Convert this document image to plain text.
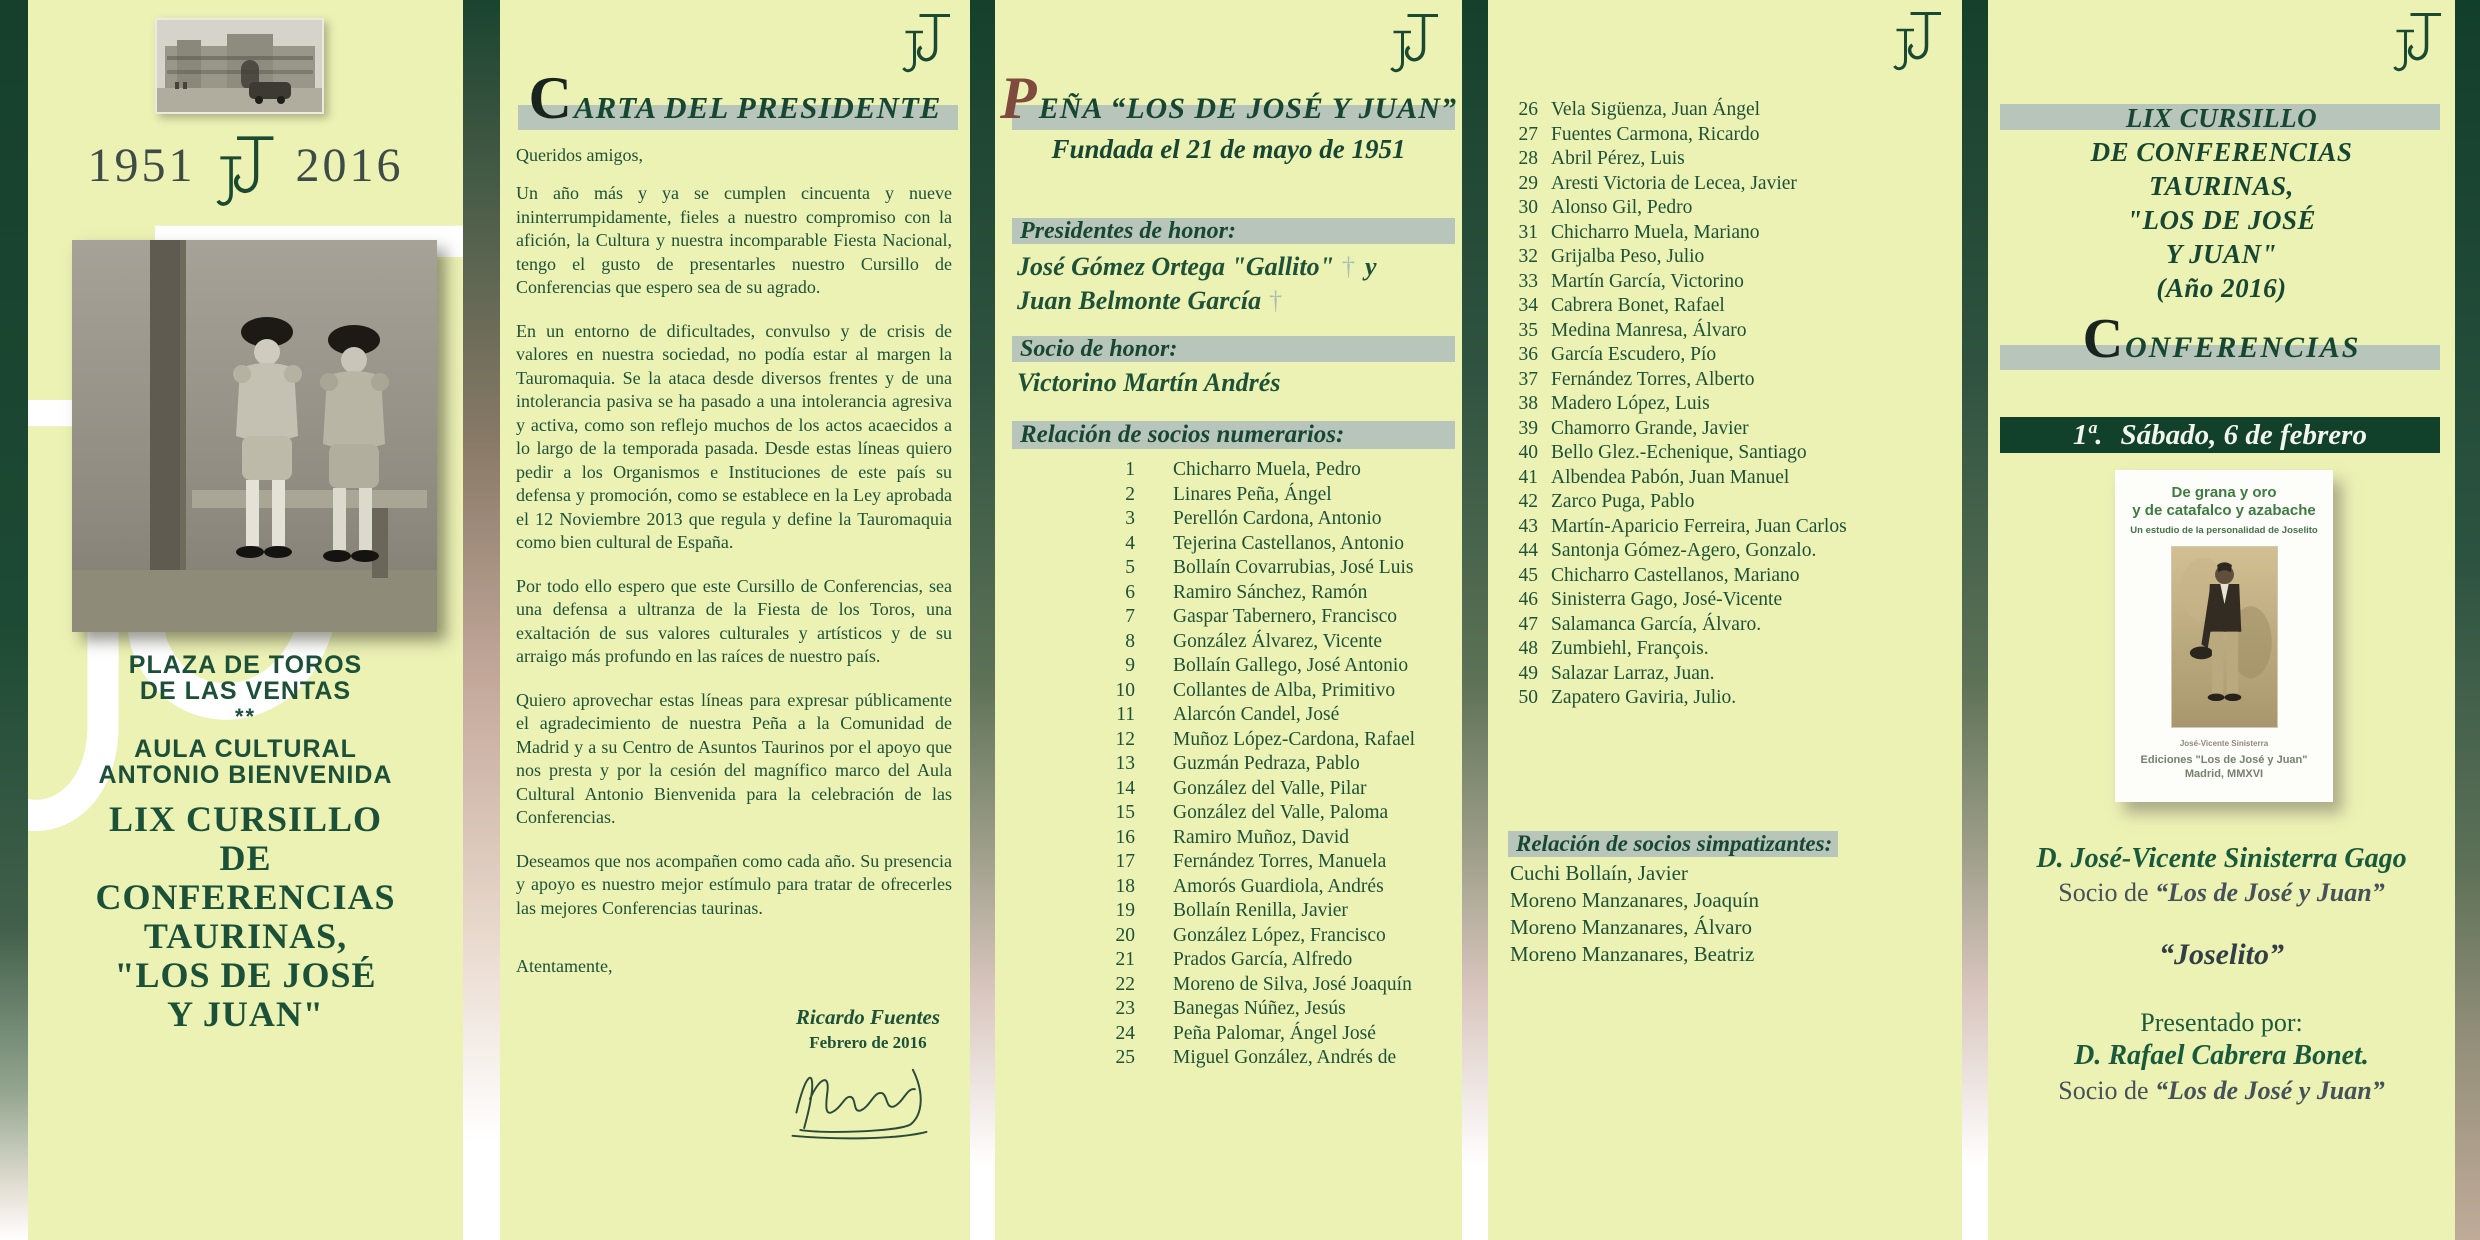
1951 2016
PLAZA DE TOROS
DE LAS VENTAS
**
AULA CULTURAL
ANTONIO BIENVENIDA
LIX CURSILLO
DE
CONFERENCIAS
TAURINAS,
"LOS DE JOSÉ
Y JUAN"
CARTA DEL PRESIDENTE
Queridos amigos,

Un año más y ya se cumplen cincuenta y nueve ininterrumpidamente, fieles a nuestro compromiso con la afición, la Cultura y nuestra incomparable Fiesta Nacional, tengo el gusto de presentarles nuestro Cursillo de Conferencias que espero sea de su agrado.

En un entorno de dificultades, convulso y de crisis de valores en nuestra sociedad, no podía estar al margen la Tauromaquia. Se la ataca desde diversos frentes y de una intolerancia pasiva se ha pasado a una intolerancia agresiva y activa, como son reflejo muchos de los actos acaecidos a lo largo de la temporada pasada. Desde estas líneas quiero pedir a los Organismos e Instituciones de este país su defensa y promoción, como se establece en la Ley aprobada el 12 Noviembre 2013 que regula y define la Tauromaquia como bien cultural de España.

Por todo ello espero que este Cursillo de Conferencias, sea una defensa a ultranza de la Fiesta de los Toros, una exaltación de sus valores culturales y artísticos y de su arraigo más profundo en las raíces de nuestro país.

Quiero aprovechar estas líneas para expresar públicamente el agradecimiento de nuestra Peña a la Comunidad de Madrid y a su Centro de Asuntos Taurinos por el apoyo que nos presta y por la cesión del magnífico marco del Aula Cultural Antonio Bienvenida para la celebración de las Conferencias.

Deseamos que nos acompañen como cada año. Su presencia y apoyo es nuestro mejor estímulo para tratar de ofrecerles las mejores Conferencias taurinas.

Atentamente,
Ricardo Fuentes
Febrero de 2016
PEÑA “LOS DE JOSÉ Y JUAN”
Fundada el 21 de mayo de 1951
Presidentes de honor:
José Gómez Ortega "Gallito" † y
Juan Belmonte García †
Socio de honor:
Victorino Martín Andrés
Relación de socios numerarios:
1 Chicharro Muela, Pedro
2 Linares Peña, Ángel
3 Perellón Cardona, Antonio
4 Tejerina Castellanos, Antonio
5 Bollaín Covarrubias, José Luis
6 Ramiro Sánchez, Ramón
7 Gaspar Tabernero, Francisco
8 González Álvarez, Vicente
9 Bollaín Gallego, José Antonio
10 Collantes de Alba, Primitivo
11 Alarcón Candel, José
12 Muñoz López-Cardona, Rafael
13 Guzmán Pedraza, Pablo
14 González del Valle, Pilar
15 González del Valle, Paloma
16 Ramiro Muñoz, David
17 Fernández Torres, Manuela
18 Amorós Guardiola, Andrés
19 Bollaín Renilla, Javier
20 González López, Francisco
21 Prados García, Alfredo
22 Moreno de Silva, José Joaquín
23 Banegas Núñez, Jesús
24 Peña Palomar, Ángel José
25 Miguel González, Andrés de
26 Vela Sigüenza, Juan Ángel
27 Fuentes Carmona, Ricardo
28 Abril Pérez, Luis
29 Aresti Victoria de Lecea, Javier
30 Alonso Gil, Pedro
31 Chicharro Muela, Mariano
32 Grijalba Peso, Julio
33 Martín García, Victorino
34 Cabrera Bonet, Rafael
35 Medina Manresa, Álvaro
36 García Escudero, Pío
37 Fernández Torres, Alberto
38 Madero López, Luis
39 Chamorro Grande, Javier
40 Bello Glez.-Echenique, Santiago
41 Albendea Pabón, Juan Manuel
42 Zarco Puga, Pablo
43 Martín-Aparicio Ferreira, Juan Carlos
44 Santonja Gómez-Agero, Gonzalo.
45 Chicharro Castellanos, Mariano
46 Sinisterra Gago, José-Vicente
47 Salamanca García, Álvaro.
48 Zumbiehl, François.
49 Salazar Larraz, Juan.
50 Zapatero Gaviria, Julio.
Relación de socios simpatizantes:
Cuchi Bollaín, Javier
Moreno Manzanares, Joaquín
Moreno Manzanares, Álvaro
Moreno Manzanares, Beatriz
LIX CURSILLO
DE CONFERENCIAS
TAURINAS,
"LOS DE JOSÉ
Y JUAN"
(Año 2016)
CONFERENCIAS
1ª. Sábado, 6 de febrero
De grana y oro
y de catafalco y azabache
Un estudio de la personalidad de Joselito
José-Vicente Sinisterra
Ediciones "Los de José y Juan"
Madrid, MMXVI
D. José-Vicente Sinisterra Gago
Socio de “Los de José y Juan”
“Joselito”
Presentado por:
D. Rafael Cabrera Bonet.
Socio de “Los de José y Juan”
